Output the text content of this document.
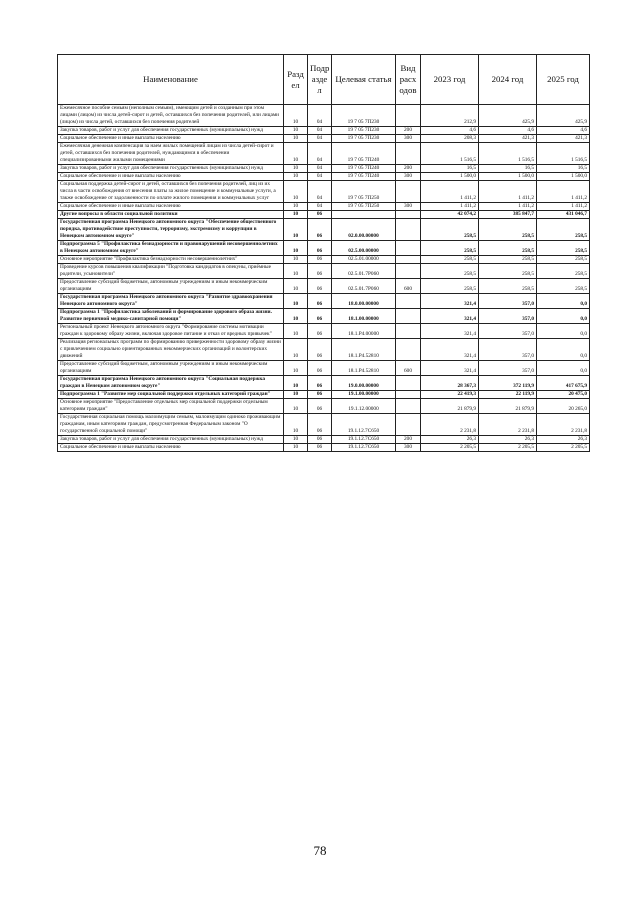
Наименование	Разд ел	Подр азде л	Целевая статья	Вид расх одов	2023 год	2024 год	2025 год
Ежемесячное пособие семьям (неполным семьям), имеющим детей и созданным при этом лицами (лицом) из числа детей-сирот и детей, оставшихся без попечения родителей, или лицами (лицом) из числа детей, оставшихся без попечения родителей	10	04	19 7 05 7П230		212,9	425,9	425,9
Закупка товаров, работ и услуг для обеспечения государственных (муниципальных) нужд	10	04	19 7 05 7П230	200	4,6	4,6	4,6
Социальное обеспечение и иные выплаты населению	10	04	19 7 05 7П230	300	208,3	421,3	421,3
Ежемесячная денежная компенсация за наем жилых помещений лицам из числа детей-сирот и детей, оставшихся без попечения родителей, нуждающимся в обеспечении специализированными жилыми помещениями	10	04	19 7 05 7П240		1 516,5	1 516,5	1 516,5
Закупка товаров, работ и услуг для обеспечения государственных (муниципальных) нужд	10	04	19 7 05 7П240	200	16,5	16,5	16,5
Социальное обеспечение и иные выплаты населению	10	04	19 7 05 7П240	300	1 500,0	1 500,0	1 500,0
Социальная поддержка детей-сирот и детей, оставшихся без попечения родителей, лиц из их числа в части освобождения от внесения платы за жилое помещение и коммунальные услуги, а также освобождение от задолженности по оплате жилого помещения и коммунальных услуг	10	04	19 7 05 7П250		1 411,2	1 411,2	1 411,2
Социальное обеспечение и иные выплаты населению	10	04	19 7 05 7П250	300	1 411,2	1 411,2	1 411,2
Другие вопросы в области социальной политики	10	06			42 074,2	385 847,7	431 046,7
Государственная программа Ненецкого автономного округа "Обеспечение общественного порядка, противодействие преступности, терроризму, экстремизму и коррупции в Ненецком автономном округе"	10	06	02.0.00.00000		258,5	258,5	258,5
Подпрограмма 5 "Профилактика безнадзорности и правонарушений несовершеннолетних в Ненецком автономном округе"	10	06	02.5.00.00000		258,5	258,5	258,5
Основное мероприятие "Профилактика безнадзорности несовершеннолетних"	10	06	02.5.01.00000		258,5	258,5	258,5
Проведение курсов повышения квалификации "Подготовка кандидатов в опекуны, приёмные родители, усыновители"	10	06	02.5.01.7Р060		258,5	258,5	258,5
Предоставление субсидий бюджетным, автономным учреждениям и иным некоммерческим организациям	10	06	02.5.01.7Р060	600	258,5	258,5	258,5
Государственная программа Ненецкого автономного округа "Развитие здравоохранения Ненецкого автономного округа"	10	06	18.0.00.00000		321,4	357,0	0,0
Подпрограмма 1 "Профилактика заболеваний и формирование здорового образа жизни. Развитие первичной медико-санитарной помощи"	10	06	18.1.00.00000		321,4	357,0	0,0
Региональный проект Ненецкого автономного округа "Формирование системы мотивации граждан к здоровому образу жизни, включая здоровое питание и отказ от вредных привычек"	10	06	18.1.Р4.00000		321,4	357,0	0,0
Реализация региональных программ по формированию приверженности здоровому образу жизни с привлечением социально ориентированных некоммерческих организаций и волонтерских движений	10	06	18.1.Р4.52810		321,4	357,0	0,0
Предоставление субсидий бюджетным, автономным учреждениям и иным некоммерческим организациям	10	06	18.1.Р4.52810	600	321,4	357,0	0,0
Государственная программа Ненецкого автономного округа "Социальная поддержка граждан в Ненецком автономном округе"	10	06	19.0.00.00000		28 367,3	372 119,9	417 675,9
Подпрограмма 1 "Развитие мер социальной поддержки отдельных категорий граждан"	10	06	19.1.00.00000		22 419,3	22 119,9	20 475,0
Основное мероприятие "Предоставление отдельных мер социальной поддержки отдельным категориям граждан"	10	06	19.1.12.00000		21 879,9	21 879,9	20 265,0
Государственная социальная помощь малоимущим семьям, малоимущим одиноко проживающим гражданам, иным категориям граждан, предусмотренная Федеральным законом "О государственной социальной помощи"	10	06	19.1.12.7С650		2 231,8	2 231,8	2 231,8
Закупка товаров, работ и услуг для обеспечения государственных (муниципальных) нужд	10	06	19.1.12.7С650	200	26,3	26,3	26,3
Социальное обеспечение и иные выплаты населению	10	06	19.1.12.7С650	300	2 205,5	2 205,5	2 205,5
78
